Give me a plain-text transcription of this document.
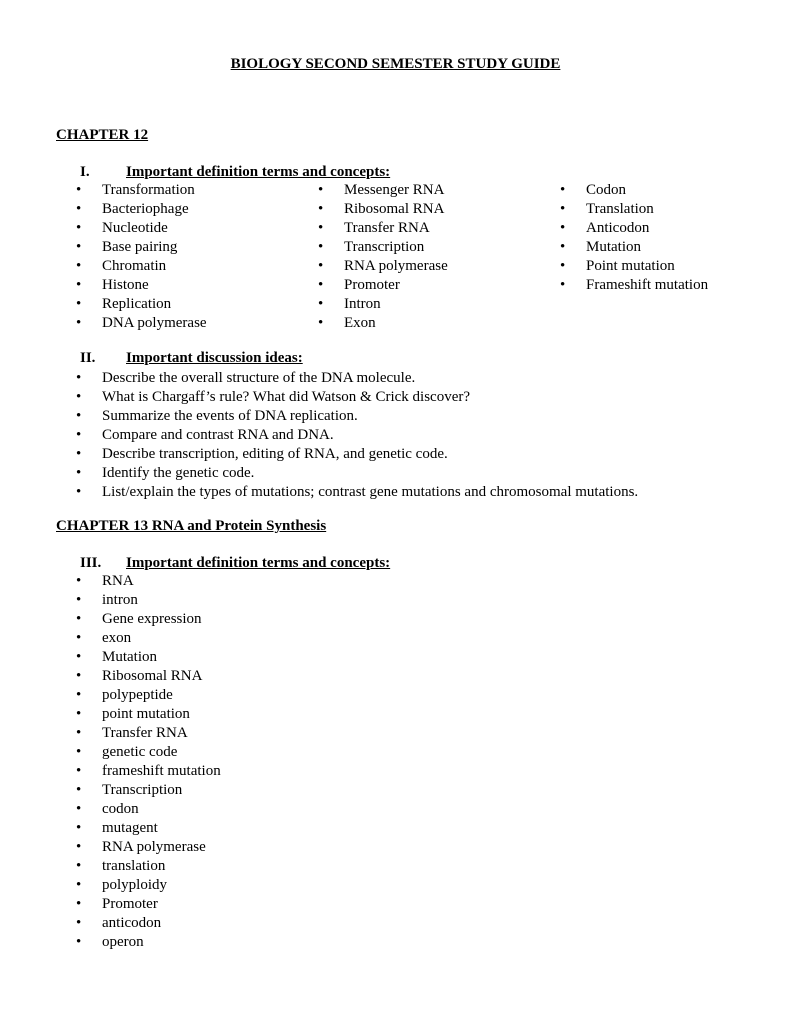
BIOLOGY SECOND SEMESTER STUDY GUIDE
CHAPTER 12
I. Important definition terms and concepts:
• Transformation
• Bacteriophage
• Nucleotide
• Base pairing
• Chromatin
• Histone
• Replication
• DNA polymerase
• Messenger RNA
• Ribosomal RNA
• Transfer RNA
• Transcription
• RNA polymerase
• Promoter
• Intron
• Exon
• Codon
• Translation
• Anticodon
• Mutation
• Point mutation
• Frameshift mutation
II. Important discussion ideas:
• Describe the overall structure of the DNA molecule.
• What is Chargaff’s rule? What did Watson & Crick discover?
• Summarize the events of DNA replication.
• Compare and contrast RNA and DNA.
• Describe transcription, editing of RNA, and genetic code.
• Identify the genetic code.
• List/explain the types of mutations; contrast gene mutations and chromosomal mutations.
CHAPTER 13 RNA and Protein Synthesis
III. Important definition terms and concepts:
• RNA
• intron
• Gene expression
• exon
• Mutation
• Ribosomal RNA
• polypeptide
• point mutation
• Transfer RNA
• genetic code
• frameshift mutation
• Transcription
• codon
• mutagent
• RNA polymerase
• translation
• polyploidy
• Promoter
• anticodon
• operon
